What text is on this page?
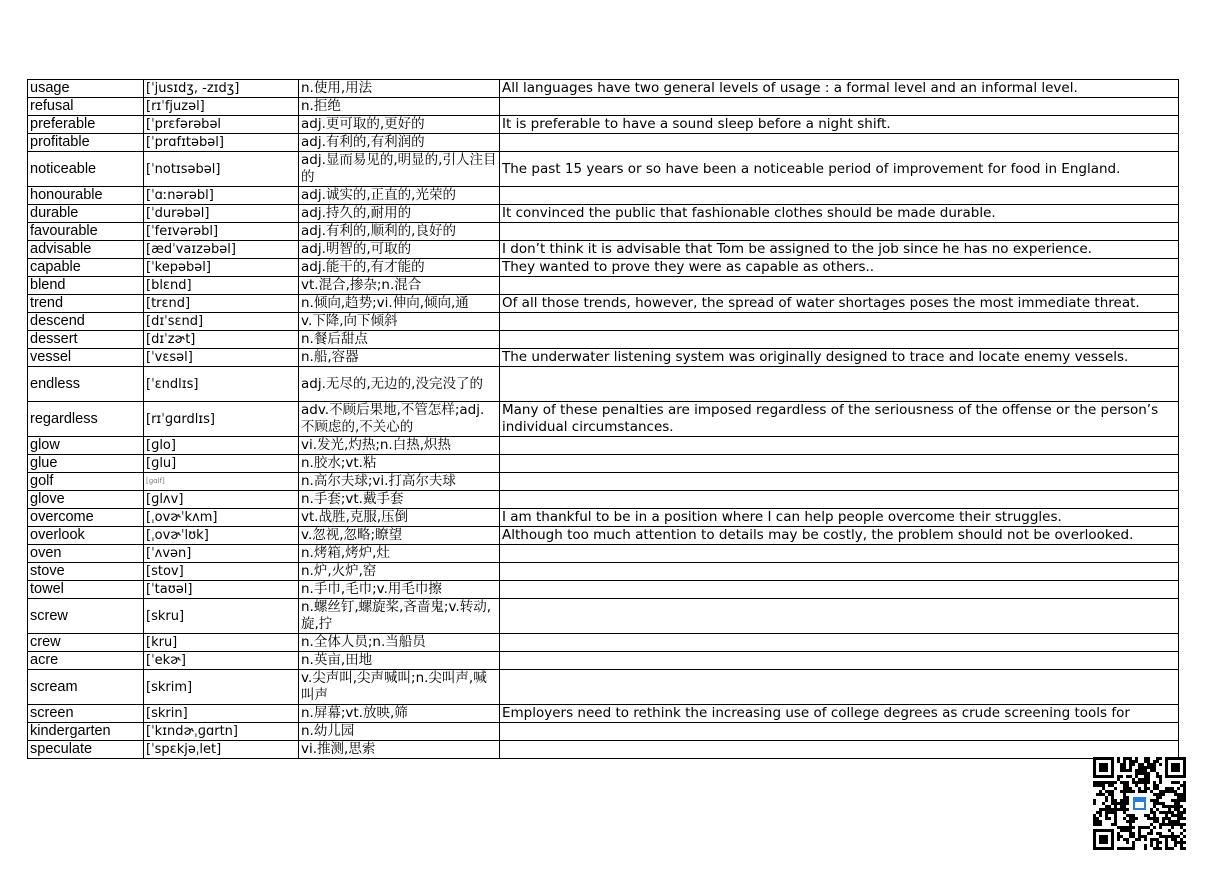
usage	[ˈjusɪdʒ, -zɪdʒ]	n.使用,用法	All languages have two general levels of usage : a formal level and an informal level.
refusal	[rɪˈfjuzəl]	n.拒绝	
preferable	[ˈprɛfərəbəl	adj.更可取的,更好的	It is preferable to have a sound sleep before a night shift.
profitable	[ˈprɑfɪtəbəl]	adj.有利的,有利润的	
noticeable	[ˈnotɪsəbəl]	adj.显而易见的,明显的,引人注目的	The past 15 years or so have been a noticeable period of improvement for food in England.
honourable	[ˈɑːnərəbl]	adj.诚实的,正直的,光荣的	
durable	[ˈdurəbəl]	adj.持久的,耐用的	It convinced the public that fashionable clothes should be made durable.
favourable	[ˈfeɪvərəbl]	adj.有利的,顺利的,良好的	
advisable	[ædˈvaɪzəbəl]	adj.明智的,可取的	I don’t think it is advisable that Tom be assigned to the job since he has no experience.
capable	[ˈkepəbəl]	adj.能干的,有才能的	They wanted to prove they were as capable as others..
blend	[blɛnd]	vt.混合,掺杂;n.混合	
trend	[trɛnd]	n.倾向,趋势;vi.伸向,倾向,通	Of all those trends, however, the spread of water shortages poses the most immediate threat.
descend	[dɪˈsɛnd]	v.下降,向下倾斜	
dessert	[dɪˈzɚt]	n.餐后甜点	
vessel	[ˈvɛsəl]	n.船,容器	The underwater listening system was originally designed to trace and locate enemy vessels.
endless	[ˈɛndlɪs]	adj.无尽的,无边的,没完没了的	
regardless	[rɪˈɡɑrdlɪs]	adv.不顾后果地,不管怎样;adj.不顾虑的,不关心的	Many of these penalties are imposed regardless of the seriousness of the offense or the person’s individual circumstances.
glow	[ɡlo]	vi.发光,灼热;n.白热,炽热	
glue	[ɡlu]	n.胶水;vt.粘	
golf	[ɡɑlf]	n.高尔夫球;vi.打高尔夫球	
glove	[ɡlʌv]	n.手套;vt.戴手套	
overcome	[ˌovɚˈkʌm]	vt.战胜,克服,压倒	I am thankful to be in a position where I can help people overcome their struggles.
overlook	[ˌovɚˈlʊk]	v.忽视,忽略;瞭望	Although too much attention to details may be costly, the problem should not be overlooked.
oven	[ˈʌvən]	n.烤箱,烤炉,灶	
stove	[stov]	n.炉,火炉,窑	
towel	[ˈtaʊəl]	n.手巾,毛巾;v.用毛巾擦	
screw	[skru]	n.螺丝钉,螺旋桨,吝啬鬼;v.转动,旋,拧	
crew	[kru]	n.全体人员;n.当船员	
acre	[ˈekɚ]	n.英亩,田地	
scream	[skrim]	v.尖声叫,尖声喊叫;n.尖叫声,喊叫声	
screen	[skrin]	n.屏幕;vt.放映,筛	Employers need to rethink the increasing use of college degrees as crude screening tools for
kindergarten	[ˈkɪndɚˌɡɑrtn]	n.幼儿园	
speculate	[ˈspɛkjəˌlet]	vi.推测,思索	
